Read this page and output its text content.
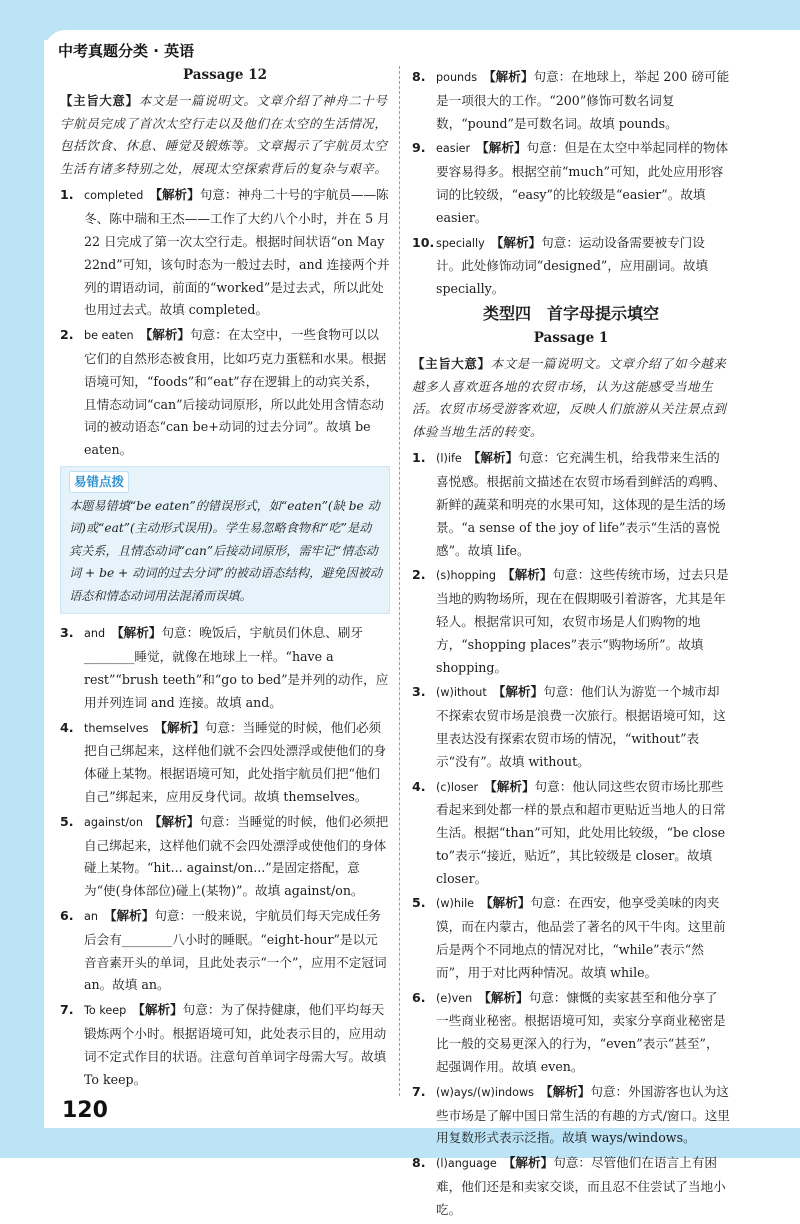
中考真题分类 · 英语
Passage 12
【主旨大意】本文是一篇说明文。文章介绍了神舟二十号宇航员完成了首次太空行走以及他们在太空的生活情况，包括饮食、休息、睡觉及锻炼等。文章揭示了宇航员太空生活有诸多特别之处，展现太空探索背后的复杂与艰辛。
1. completed 【解析】句意：神舟二十号的宇航员——陈冬、陈中瑞和王杰——工作了大约八个小时，并在 5 月 22 日完成了第一次太空行走。根据时间状语“on May 22nd”可知，该句时态为一般过去时，and 连接两个并列的谓语动词，前面的“worked”是过去式，所以此处也用过去式。故填 completed。
2. be eaten 【解析】句意：在太空中，一些食物可以以它们的自然形态被食用，比如巧克力蛋糕和水果。根据语境可知，“foods”和“eat”存在逻辑上的动宾关系，且情态动词“can”后接动词原形，所以此处用含情态动词的被动语态“can be+动词的过去分词”。故填 be eaten。
易错点拨
本题易错填“be eaten”的错误形式，如“eaten”(缺 be 动词)或“eat”(主动形式误用)。学生易忽略食物和“吃”是动宾关系，且情态动词“can”后接动词原形，需牢记“情态动词 + be + 动词的过去分词”的被动语态结构，避免因被动语态和情态动词用法混淆而误填。
3. and 【解析】句意：晚饭后，宇航员们休息、刷牙________睡觉，就像在地球上一样。“have a rest”“brush teeth”和“go to bed”是并列的动作，应用并列连词 and 连接。故填 and。
4. themselves 【解析】句意：当睡觉的时候，他们必须把自己绑起来，这样他们就不会四处漂浮或使他们的身体碰上某物。根据语境可知，此处指宇航员们把“他们自己”绑起来，应用反身代词。故填 themselves。
5. against/on 【解析】句意：当睡觉的时候，他们必须把自己绑起来，这样他们就不会四处漂浮或使他们的身体碰上某物。“hit... against/on...”是固定搭配，意为“使(身体部位)碰上(某物)”。故填 against/on。
6. an 【解析】句意：一般来说，宇航员们每天完成任务后会有________八小时的睡眠。“eight-hour”是以元音音素开头的单词，且此处表示“一个”，应用不定冠词 an。故填 an。
7. To keep 【解析】句意：为了保持健康，他们平均每天锻炼两个小时。根据语境可知，此处表示目的，应用动词不定式作目的状语。注意句首单词字母需大写。故填 To keep。
8. pounds 【解析】句意：在地球上，举起 200 磅可能是一项很大的工作。“200”修饰可数名词复数，“pound”是可数名词。故填 pounds。
9. easier 【解析】句意：但是在太空中举起同样的物体要容易得多。根据空前“much”可知，此处应用形容词的比较级，“easy”的比较级是“easier”。故填 easier。
10. specially 【解析】句意：运动设备需要被专门设计。此处修饰动词“designed”，应用副词。故填 specially。
类型四　首字母提示填空
Passage 1
【主旨大意】本文是一篇说明文。文章介绍了如今越来越多人喜欢逛各地的农贸市场，认为这能感受当地生活。农贸市场受游客欢迎，反映人们旅游从关注景点到体验当地生活的转变。
1. (l)ife 【解析】句意：它充满生机，给我带来生活的喜悦感。根据前文描述在农贸市场看到鲜活的鸡鸭、新鲜的蔬菜和明亮的水果可知，这体现的是生活的场景。“a sense of the joy of life”表示“生活的喜悦感”。故填 life。
2. (s)hopping 【解析】句意：这些传统市场，过去只是当地的购物场所，现在在假期吸引着游客，尤其是年轻人。根据常识可知，农贸市场是人们购物的地方，“shopping places”表示“购物场所”。故填 shopping。
3. (w)ithout 【解析】句意：他们认为游览一个城市却不探索农贸市场是浪费一次旅行。根据语境可知，这里表达没有探索农贸市场的情况，“without”表示“没有”。故填 without。
4. (c)loser 【解析】句意：他认同这些农贸市场比那些看起来到处都一样的景点和超市更贴近当地人的日常生活。根据“than”可知，此处用比较级，“be close to”表示“接近，贴近”，其比较级是 closer。故填 closer。
5. (w)hile 【解析】句意：在西安，他享受美味的肉夹馍，而在内蒙古，他品尝了著名的风干牛肉。这里前后是两个不同地点的情况对比，“while”表示“然而”，用于对比两种情况。故填 while。
6. (e)ven 【解析】句意：慷慨的卖家甚至和他分享了一些商业秘密。根据语境可知，卖家分享商业秘密是比一般的交易更深入的行为，“even”表示“甚至”，起强调作用。故填 even。
7. (w)ays/(w)indows 【解析】句意：外国游客也认为这些市场是了解中国日常生活的有趣的方式/窗口。这里用复数形式表示泛指。故填 ways/windows。
8. (l)anguage 【解析】句意：尽管他们在语言上有困难，他们还是和卖家交谈，而且忍不住尝试了当地小吃。
120
